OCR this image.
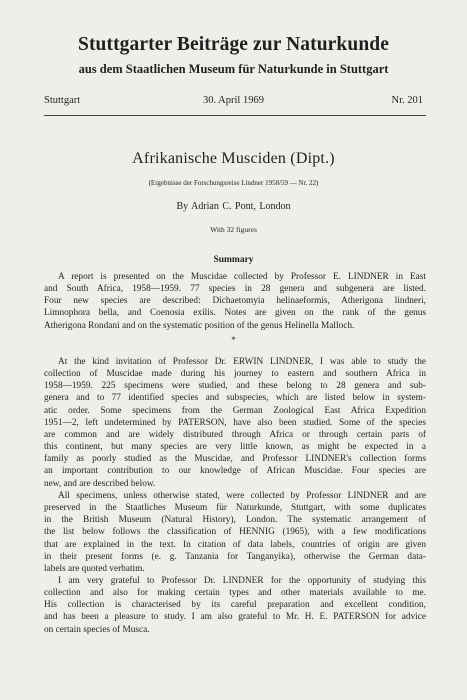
Stuttgarter Beiträge zur Naturkunde
aus dem Staatlichen Museum für Naturkunde in Stuttgart
Stuttgart	30. April 1969	Nr. 201
Afrikanische Musciden (Dipt.)
(Ergebnisse der Forschungsreise Lindner 1958/59 — Nr. 22)
By Adrian C. Pont, London
With 32 figures
Summary
A report is presented on the Muscidae collected by Professor E. LINDNER in East
and South Africa, 1958—1959. 77 species in 28 genera and subgenera are listed.
Four new species are described: Dichaetomyia helinaeformis, Atherigona lindneri,
Limnophora bella, and Coenosia exilis. Notes are given on the rank of the genus
Atherigona Rondani and on the systematic position of the genus Helinella Malloch.
*
At the kind invitation of Professor Dr. ERWIN LINDNER, I was able to study the
collection of Muscidae made during his journey to eastern and southern Africa in
1958—1959. 225 specimens were studied, and these belong to 28 genera and sub-
genera and to 77 identified species and subspecies, which are listed below in system-
atic order. Some specimens from the German Zoological East Africa Expedition
1951—2, left undetermined by PATERSON, have also been studied. Some of the species
are common and are widely distributed through Africa or through certain parts of
this continent, but many species are very little known, as might be expected in a
family as poorly studied as the Muscidae, and Professor LINDNER's collection forms
an important contribution to our knowledge of African Muscidae. Four species are
new, and are described below.
All specimens, unless otherwise stated, were collected by Professor LINDNER and are
preserved in the Staatliches Museum für Naturkunde, Stuttgart, with some duplicates
in the British Museum (Natural History), London. The systematic arrangement of
the list below follows the classification of HENNIG (1965), with a few modifications
that are explained in the text. In citation of data labels, countries of origin are given
in their present forms (e. g. Tanzania for Tanganyika), otherwise the German data-
labels are quoted verbatim.
I am very grateful to Professor Dr. LINDNER for the opportunity of studying this
collection and also for making certain types and other materials available to me.
His collection is characterised by its careful preparation and excellent condition,
and has been a pleasure to study. I am also grateful to Mr. H. E. PATERSON for advice
on certain species of Musca.
